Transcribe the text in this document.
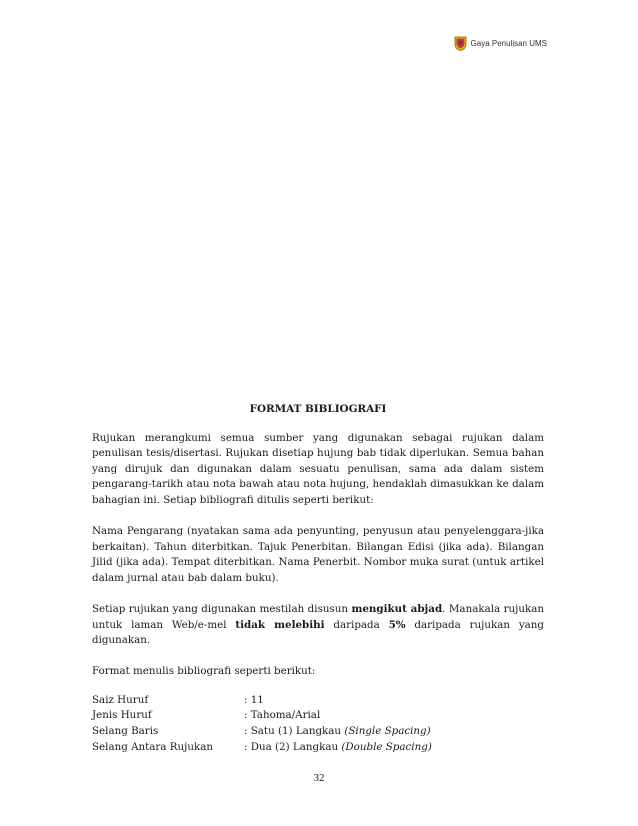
Gaya Penulisan UMS
FORMAT BIBLIOGRAFI

Rujukan merangkumi semua sumber yang digunakan sebagai rujukan dalam penulisan tesis/disertasi. Rujukan disetiap hujung bab tidak diperlukan. Semua bahan yang dirujuk dan digunakan dalam sesuatu penulisan, sama ada dalam sistem pengarang-tarikh atau nota bawah atau nota hujung, hendaklah dimasukkan ke dalam bahagian ini. Setiap bibliografi ditulis seperti berikut:

Nama Pengarang (nyatakan sama ada penyunting, penyusun atau penyelenggara-jika berkaitan). Tahun diterbitkan. Tajuk Penerbitan. Bilangan Edisi (jika ada). Bilangan Jilid (jika ada). Tempat diterbitkan. Nama Penerbit. Nombor muka surat (untuk artikel dalam jurnal atau bab dalam buku).

Setiap rujukan yang digunakan mestilah disusun mengikut abjad. Manakala rujukan untuk laman Web/e-mel tidak melebihi daripada 5% daripada rujukan yang digunakan.

Format menulis bibliografi seperti berikut:

Saiz Huruf	: 11
Jenis Huruf	: Tahoma/Arial
Selang Baris	: Satu (1) Langkau (Single Spacing)
Selang Antara Rujukan	: Dua (2) Langkau (Double Spacing)
32
